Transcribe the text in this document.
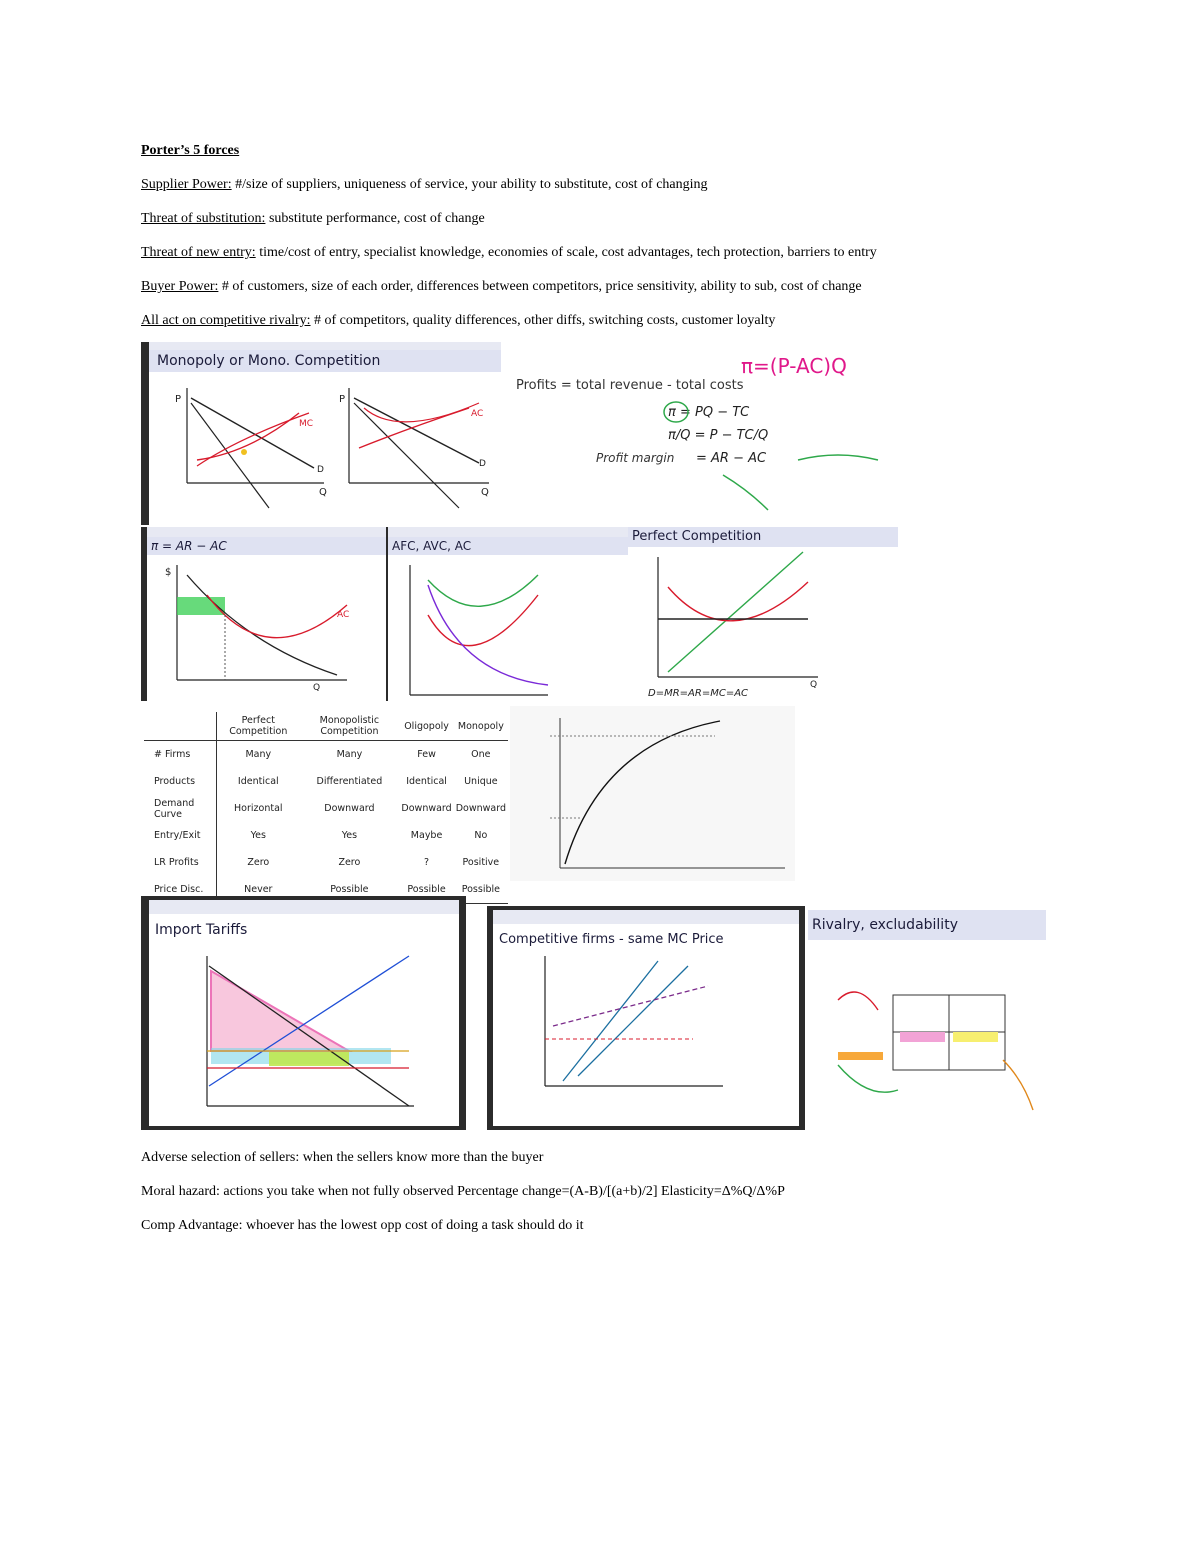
Porter’s 5 forces
Supplier Power: #/size of suppliers, uniqueness of service, your ability to substitute, cost of changing
Threat of substitution: substitute performance, cost of change
Threat of new entry: time/cost of entry, specialist knowledge, economies of scale, cost advantages, tech protection, barriers to entry
Buyer Power: # of customers, size of each order, differences between competitors, price sensitivity, ability to sub, cost of change
All act on competitive rivalry: # of competitors, quality differences, other diffs, switching costs, customer loyalty
Monopoly or Mono. Competition
P
Q
D
MC
P
Q
D
AC
π=(P-AC)Q
Profits = total revenue - total costs
π = PQ − TC
π/Q = P − TC/Q
Profit margin = AR − AC
π = AR − AC
$
Q
AC
AFC, AVC, AC
Perfect Competition
Q
D=MR=AR=MC=AC
	Perfect Competition	Monopolistic Competition	Oligopoly	Monopoly
# Firms	Many	Many	Few	One
Products	Identical	Differentiated	Identical	Unique
Demand Curve	Horizontal	Downward	Downward	Downward
Entry/Exit	Yes	Yes	Maybe	No
LR Profits	Zero	Zero	?	Positive
Price Disc.	Never	Possible	Possible	Possible
Import Tariffs
Competitive firms - same MC Price
Rivalry, excludability
Adverse selection of sellers: when the sellers know more than the buyer
Moral hazard: actions you take when not fully observed Percentage change=(A-B)/[(a+b)/2] Elasticity=Δ%Q/Δ%P
Comp Advantage: whoever has the lowest opp cost of doing a task should do it
